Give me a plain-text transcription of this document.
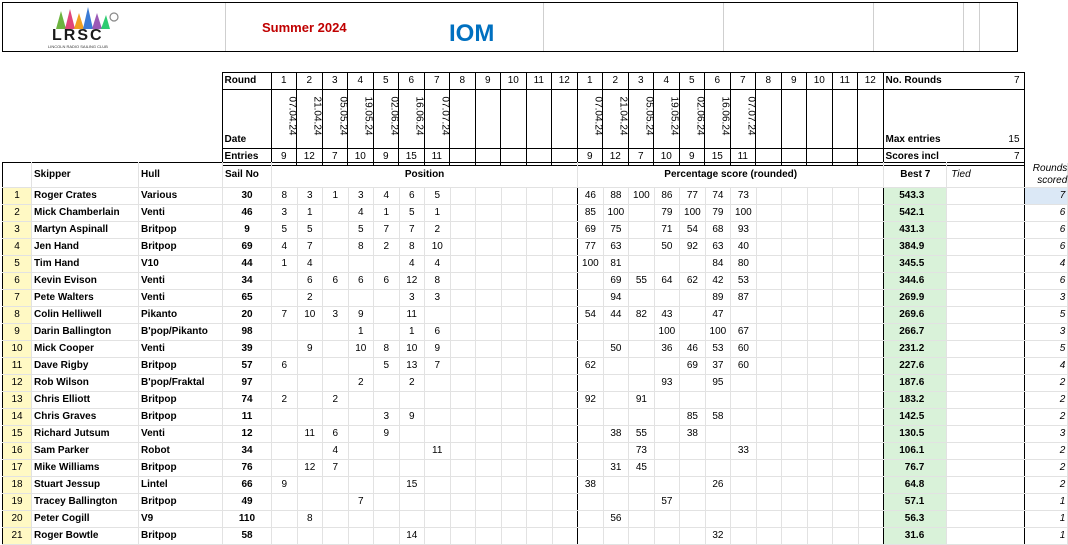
LRSC
LINCOLN RADIO SAILING CLUB
Summer 2024	IOM
	Round	1	2	3	4	5	6	7	8	9	10	11	12	1	2	3	4	5	6	7	8	9	10	11	12	No. Rounds	7	
	Date	07.04.24	21.04.24	05.05.24	19.05.24	02.06.24	16.06.24	07.07.24						07.04.24	21.04.24	05.05.24	19.05.24	02.06.24	16.06.24	07.07.24						Max entries	15	
	Entries	9	12	7	10	9	15	11						9	12	7	10	9	15	11						Scores incl	7	
	Skipper	Hull	Sail No	Position												Percentage score (rounded)												Best 7	Tied	Rounds
scored

1	Roger Crates	Various	30	8	3	1	3	4	6	5						46	88	100	86	77	74	73						543.3		7
2	Mick Chamberlain	Venti	46	3	1		4	1	5	1						85	100		79	100	79	100						542.1		6
3	Martyn Aspinall	Britpop	9	5	5		5	7	7	2						69	75		71	54	68	93						431.3		6
4	Jen Hand	Britpop	69	4	7		8	2	8	10						77	63		50	92	63	40						384.9		6
5	Tim Hand	V10	44	1	4				4	4						100	81				84	80						345.5		4
6	Kevin Evison	Venti	34		6	6	6	6	12	8							69	55	64	62	42	53						344.6		6
7	Pete Walters	Venti	65		2				3	3							94				89	87						269.9		3
8	Colin Helliwell	Pikanto	20	7	10	3	9		11							54	44	82	43		47							269.6		5
9	Darin Ballington	B'pop/Pikanto	98				1		1	6									100		100	67						266.7		3
10	Mick Cooper	Venti	39		9		10	8	10	9							50		36	46	53	60						231.2		5
11	Dave Rigby	Britpop	57	6				5	13	7						62				69	37	60						227.6		4
12	Rob Wilson	B'pop/Fraktal	97				2		2										93		95							187.6		2
13	Chris Elliott	Britpop	74	2		2										92		91										183.2		2
14	Chris Graves	Britpop	11					3	9											85	58							142.5		2
15	Richard Jutsum	Venti	12		11	6		9									38	55		38								130.5		3
16	Sam Parker	Robot	34			4				11								73				33						106.1		2
17	Mike Williams	Britpop	76		12	7											31	45										76.7		2
18	Stuart Jessup	Lintel	66	9					15							38					26							64.8		2
19	Tracey Ballington	Britpop	49				7												57									57.1		1
20	Peter Cogill	V9	110		8												56											56.3		1
21	Roger Bowtle	Britpop	58						14												32							31.6		1
